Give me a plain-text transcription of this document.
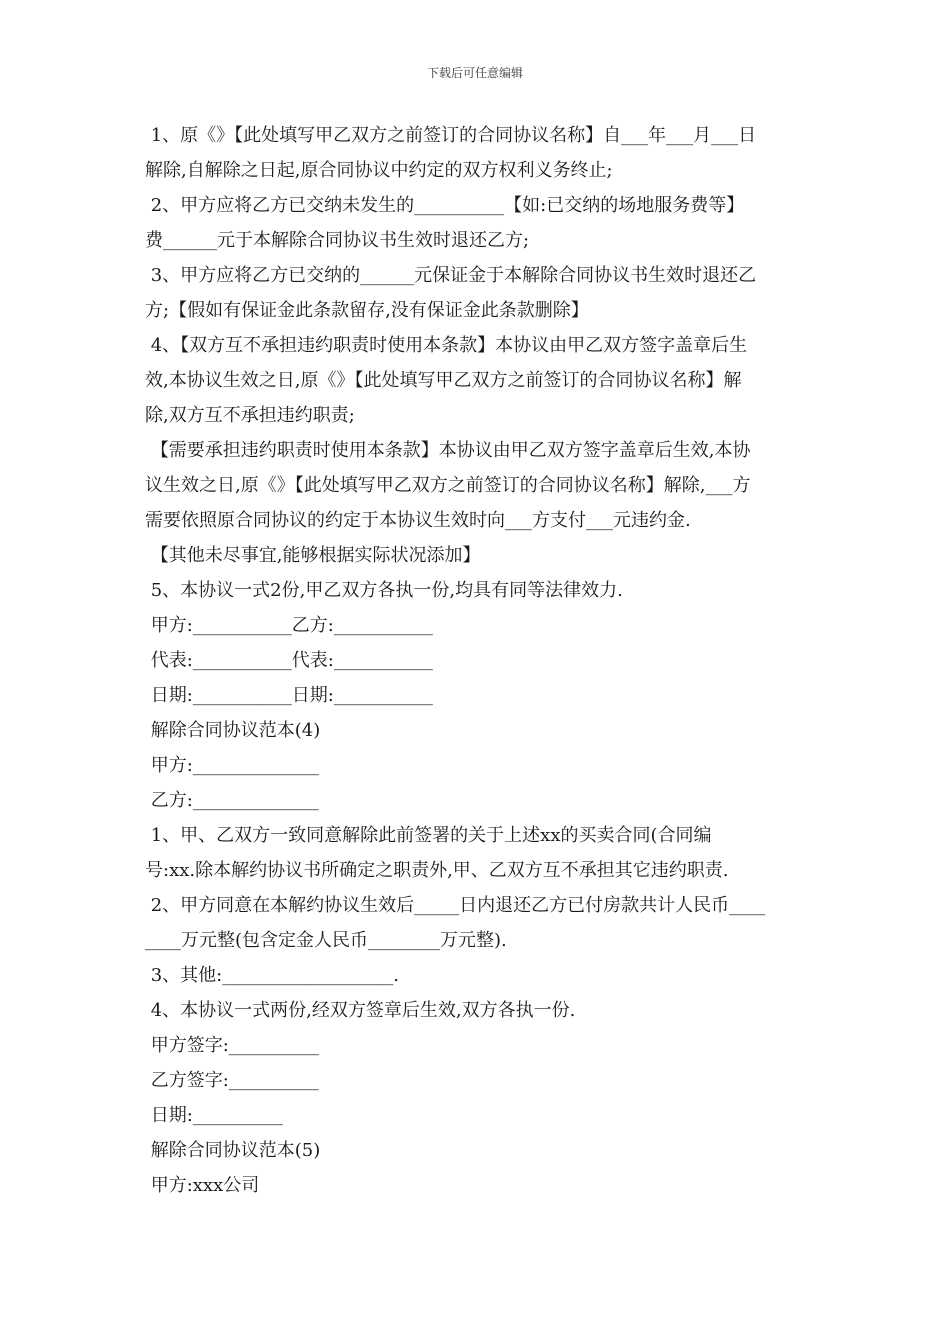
下载后可任意编辑
1、原《》【此处填写甲乙双方之前签订的合同协议名称】自___年___月___日
解除,自解除之日起,原合同协议中约定的双方权利义务终止;
2、甲方应将乙方已交纳未发生的__________【如:已交纳的场地服务费等】
费______元于本解除合同协议书生效时退还乙方;
3、甲方应将乙方已交纳的______元保证金于本解除合同协议书生效时退还乙
方;【假如有保证金此条款留存,没有保证金此条款删除】
4、【双方互不承担违约职责时使用本条款】本协议由甲乙双方签字盖章后生
效,本协议生效之日,原《》【此处填写甲乙双方之前签订的合同协议名称】解
除,双方互不承担违约职责;
【需要承担违约职责时使用本条款】本协议由甲乙双方签字盖章后生效,本协
议生效之日,原《》【此处填写甲乙双方之前签订的合同协议名称】解除,___方
需要依照原合同协议的约定于本协议生效时向___方支付___元违约金.
【其他未尽事宜,能够根据实际状况添加】
5、本协议一式2份,甲乙双方各执一份,均具有同等法律效力.
甲方:___________乙方:___________
代表:___________代表:___________
日期:___________日期:___________
解除合同协议范本(4)
甲方:______________
乙方:______________
1、甲、乙双方一致同意解除此前签署的关于上述xx的买卖合同(合同编
号:xx.除本解约协议书所确定之职责外,甲、乙双方互不承担其它违约职责.
2、甲方同意在本解约协议生效后_____日内退还乙方已付房款共计人民币____
____万元整(包含定金人民币________万元整).
3、其他:___________________.
4、本协议一式两份,经双方签章后生效,双方各执一份.
甲方签字:__________
乙方签字:__________
日期:__________
解除合同协议范本(5)
甲方:xxx公司
